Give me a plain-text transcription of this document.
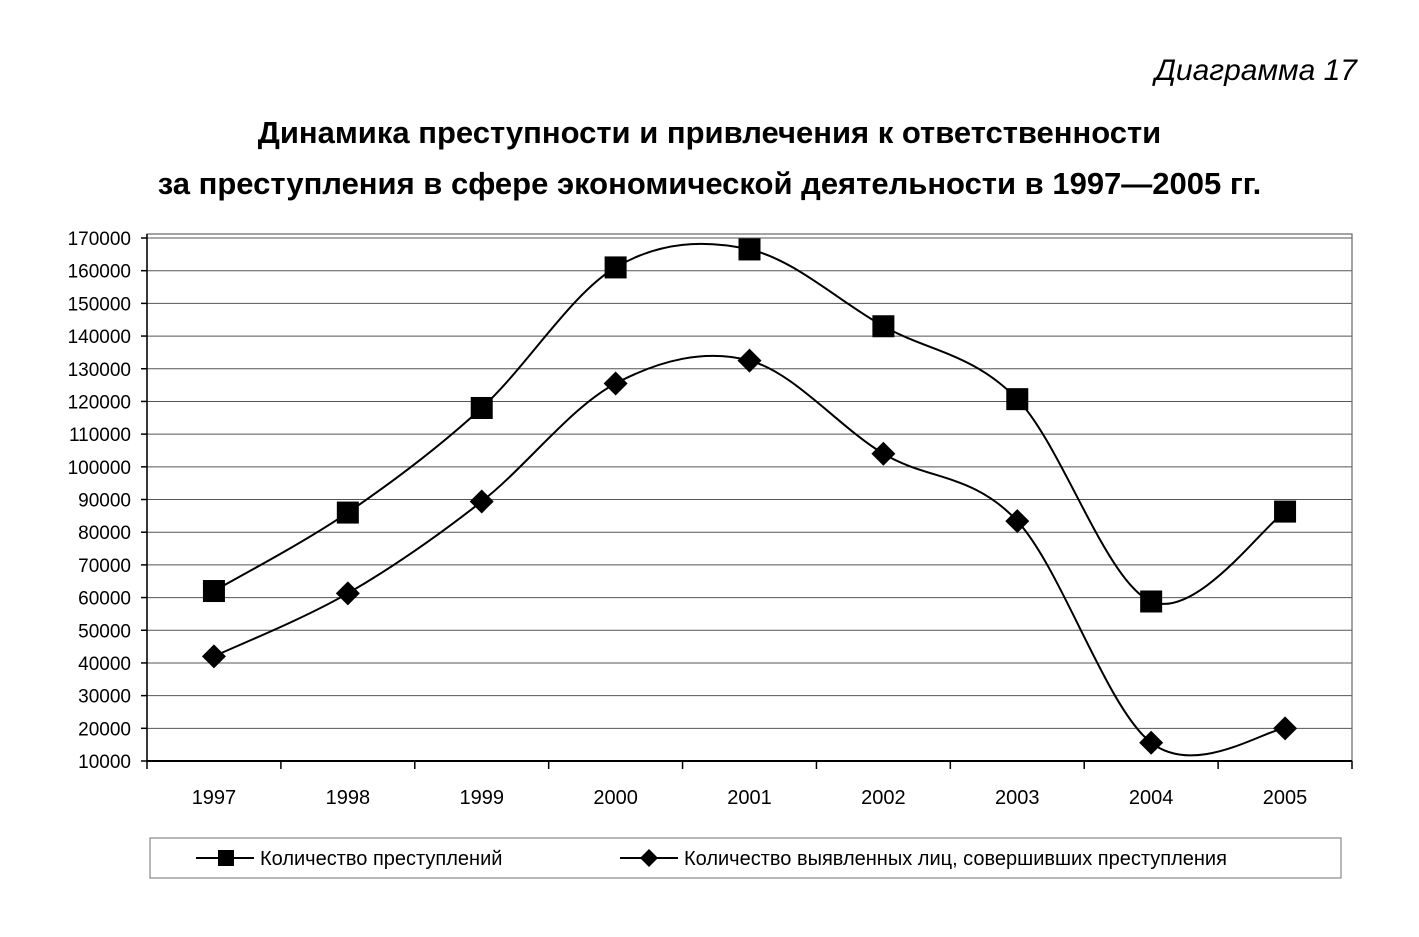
Диаграмма 17
Динамика преступности и привлечения к ответственности
за преступления в сфере экономической деятельности в 1997—2005 гг.
10000
20000
30000
40000
50000
60000
70000
80000
90000
100000
110000
120000
130000
140000
150000
160000
170000
1997	1998	1999	2000	2001	2002	2003	2004	2005
Количество преступлений	Количество выявленных лиц, совершивших преступления
